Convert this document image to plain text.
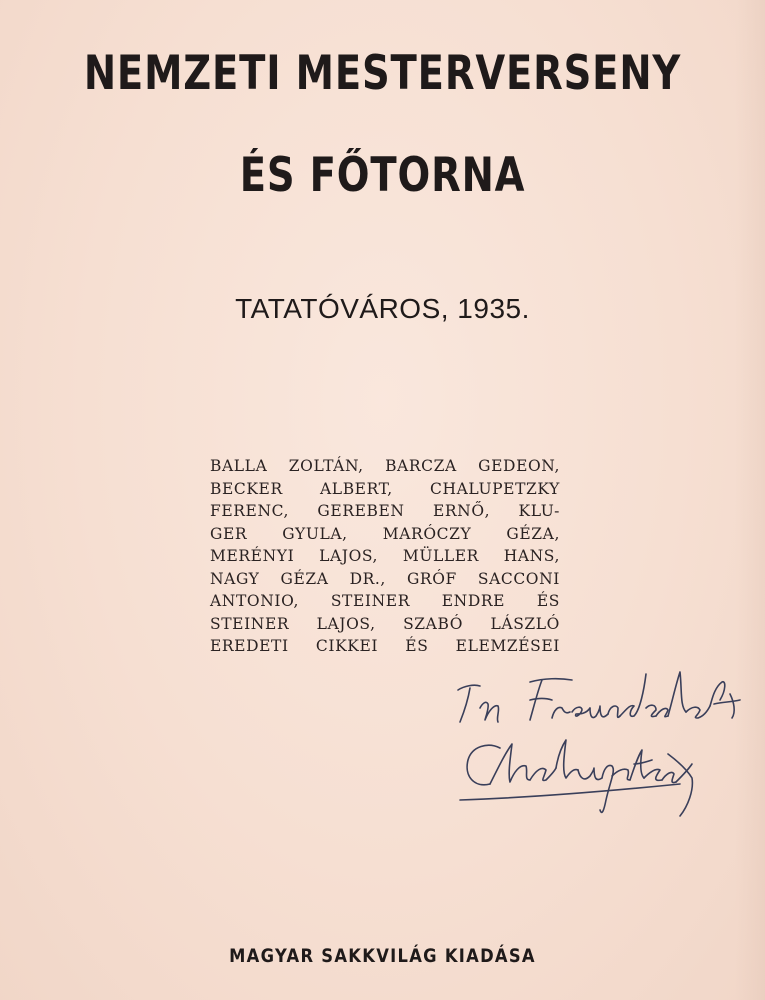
NEMZETI MESTERVERSENY
ÉS FŐTORNA
TATATÓVÁROS, 1935.
BALLA ZOLTÁN, BARCZA GEDEON,
BECKER ALBERT, CHALUPETZKY
FERENC, GEREBEN ERNŐ, KLU-
GER GYULA, MARÓCZY GÉZA,
MERÉNYI LAJOS, MÜLLER HANS,
NAGY GÉZA DR., GRÓF SACCONI
ANTONIO, STEINER ENDRE ÉS
STEINER LAJOS, SZABÓ LÁSZLÓ
EREDETI CIKKEI ÉS ELEMZÉSEI
MAGYAR SAKKVILÁG KIADÁSA
